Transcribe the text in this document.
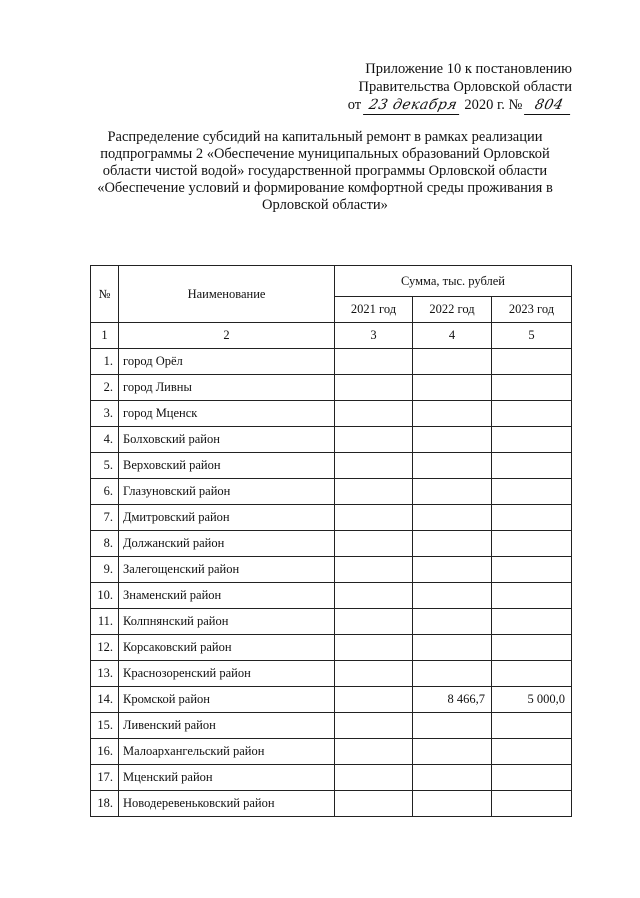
Приложение 10 к постановлению
Правительства Орловской области
от 23 декабря 2020 г. № 804
Распределение субсидий на капитальный ремонт в рамках реализации
подпрограммы 2 «Обеспечение муниципальных образований Орловской
области чистой водой» государственной программы Орловской области
«Обеспечение условий и формирование комфортной среды проживания в
Орловской области»
№	Наименование	Сумма, тыс. рублей		
		2021 год	2022 год	2023 год
1	2	3	4	5
1.	город Орёл			
2.	город Ливны			
3.	город Мценск			
4.	Болховский район			
5.	Верховский район			
6.	Глазуновский район			
7.	Дмитровский район			
8.	Должанский район			
9.	Залегощенский район			
10.	Знаменский район			
11.	Колпнянский район			
12.	Корсаковский район			
13.	Краснозоренский район			
14.	Кромской район		8 466,7	5 000,0
15.	Ливенский район			
16.	Малоархангельский район			
17.	Мценский район			
18.	Новодеревеньковский район			
